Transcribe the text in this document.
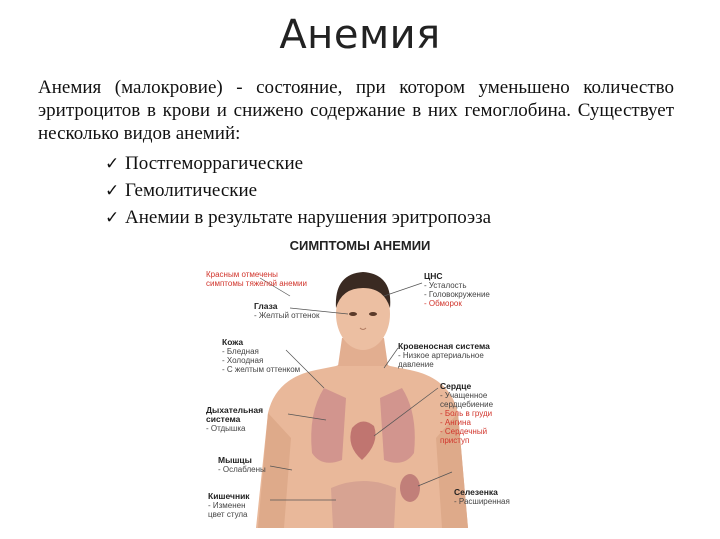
Анемия

Анемия (малокровие) - состояние, при котором уменьшено количество эритроцитов в крови и снижено содержание в них гемоглобина. Существует несколько видов анемий:

✓ Постгеморрагические
✓ Гемолитические
✓ Анемии в результате нарушения эритропоэза
СИМПТОМЫ АНЕМИИ
Красным отмечены
симптомы тяжелой анемии
Глаза
- Желтый оттенок
Кожа
- Бледная
- Холодная
- С желтым оттенком
Дыхательная
система
- Отдышка
Мышцы
- Ослаблены
Кишечник
- Изменен
цвет стула
ЦНС
- Усталость
- Головокружение
- Обморок
Кровеносная система
- Низкое артериальное
давление
Сердце
- Учащенное
сердцебиение
- Боль в груди
- Ангина
- Сердечный
приступ
Селезенка
- Расширенная
